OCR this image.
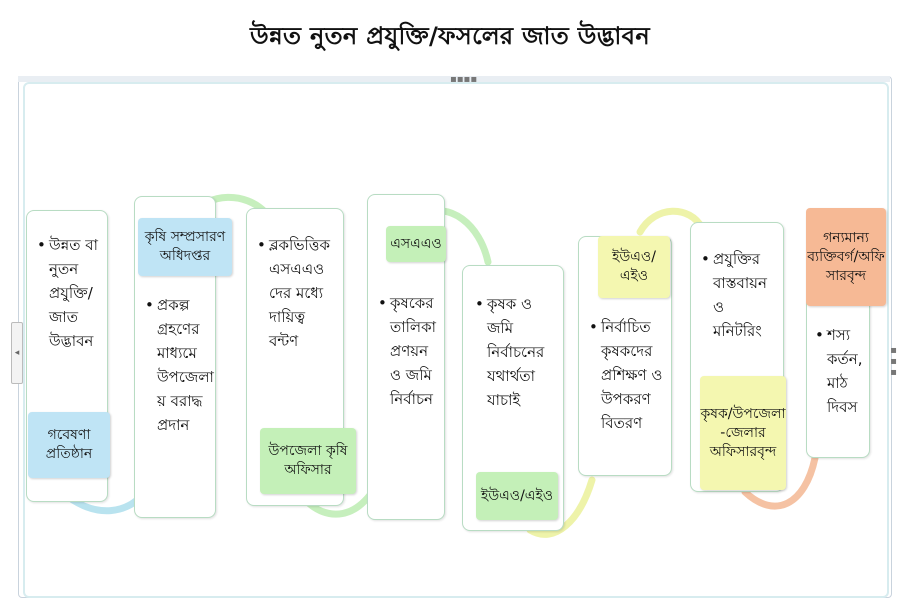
▪▪▪▪
▪▪▪
◂
উন্নত নুতন প্রযুক্তি/ফসলের জাত উদ্ভাবন
• উন্নত বা
নুতন
প্রযুক্তি/
জাত
উদ্ভাবন
গবেষণা
প্রতিষ্ঠান
• প্রকল্প
গ্রহণের
মাধ্যমে
উপজেলা
য় বরাদ্ধ
প্রদান
কৃষি সম্প্রসারণ
অধিদপ্তর
• ব্লকভিত্তিক
এসএএও
দের মধ্যে
দায়িত্ব
বন্টণ
উপজেলা কৃষি
অফিসার
• কৃষকের
তালিকা
প্রণয়ন
ও জমি
নির্বাচন
এসএএও
• কৃষক ও
জমি
নির্বাচনের
যথার্থতা
যাচাই
ইউএও/এইও
• নির্বাচিত
কৃষকদের
প্রশিক্ষণ ও
উপকরণ
বিতরণ
ইউএও/এইও
• প্রযুক্তির
বাস্তবায়ন
ও
মনিটরিং
কৃষক/উপজেলা
-জেলার
অফিসারবৃন্দ
• শস্য
কর্তন,
মাঠ
দিবস
গন্যমান্য
ব্যক্তিবর্গ/অফি
সারবৃন্দ
